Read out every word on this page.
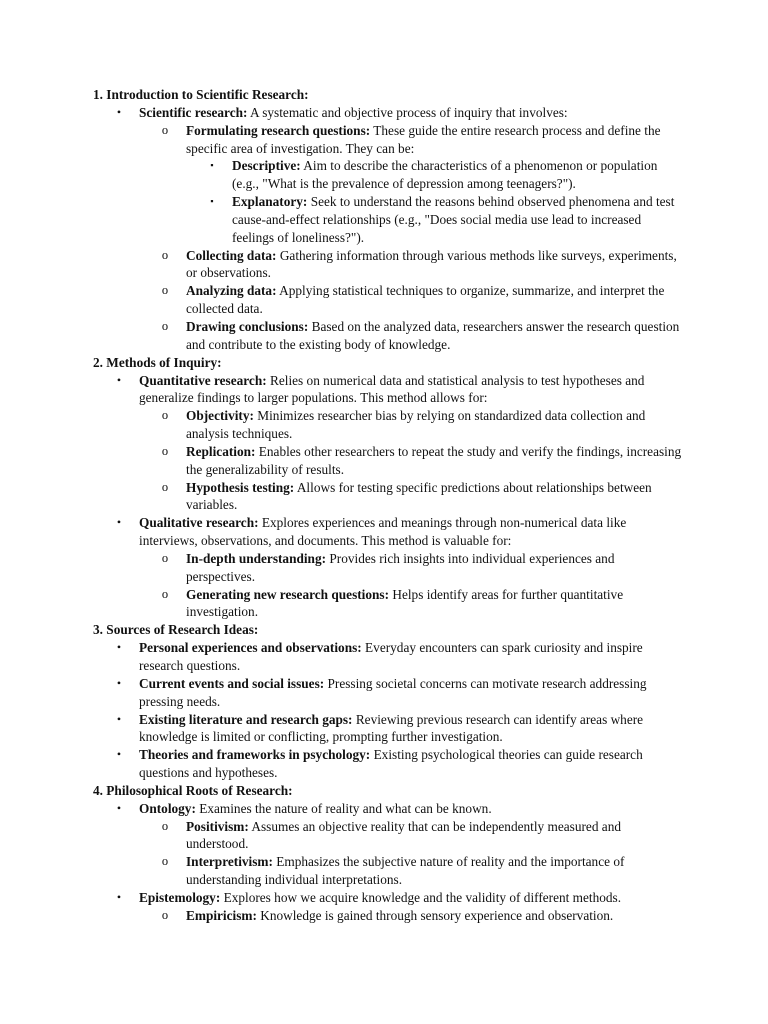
1. Introduction to Scientific Research:
•	Scientific research: A systematic and objective process of inquiry that involves:
o Formulating research questions: These guide the entire research process and define the specific area of investigation. They can be:
▪	Descriptive: Aim to describe the characteristics of a phenomenon or population (e.g., "What is the prevalence of depression among teenagers?").
▪	Explanatory: Seek to understand the reasons behind observed phenomena and test cause-and-effect relationships (e.g., "Does social media use lead to increased feelings of loneliness?").
o Collecting data: Gathering information through various methods like surveys, experiments, or observations.
o Analyzing data: Applying statistical techniques to organize, summarize, and interpret the collected data.
o Drawing conclusions: Based on the analyzed data, researchers answer the research question and contribute to the existing body of knowledge.
2. Methods of Inquiry:
•	Quantitative research: Relies on numerical data and statistical analysis to test hypotheses and generalize findings to larger populations. This method allows for:
o Objectivity: Minimizes researcher bias by relying on standardized data collection and analysis techniques.
o Replication: Enables other researchers to repeat the study and verify the findings, increasing the generalizability of results.
o Hypothesis testing: Allows for testing specific predictions about relationships between variables.
•	Qualitative research: Explores experiences and meanings through non-numerical data like interviews, observations, and documents. This method is valuable for:
o In-depth understanding: Provides rich insights into individual experiences and perspectives.
o Generating new research questions: Helps identify areas for further quantitative investigation.
3. Sources of Research Ideas:
•	Personal experiences and observations: Everyday encounters can spark curiosity and inspire research questions.
•	Current events and social issues: Pressing societal concerns can motivate research addressing pressing needs.
•	Existing literature and research gaps: Reviewing previous research can identify areas where knowledge is limited or conflicting, prompting further investigation.
•	Theories and frameworks in psychology: Existing psychological theories can guide research questions and hypotheses.
4. Philosophical Roots of Research:
•	Ontology: Examines the nature of reality and what can be known.
o Positivism: Assumes an objective reality that can be independently measured and understood.
o Interpretivism: Emphasizes the subjective nature of reality and the importance of understanding individual interpretations.
•	Epistemology: Explores how we acquire knowledge and the validity of different methods.
o Empiricism: Knowledge is gained through sensory experience and observation.
